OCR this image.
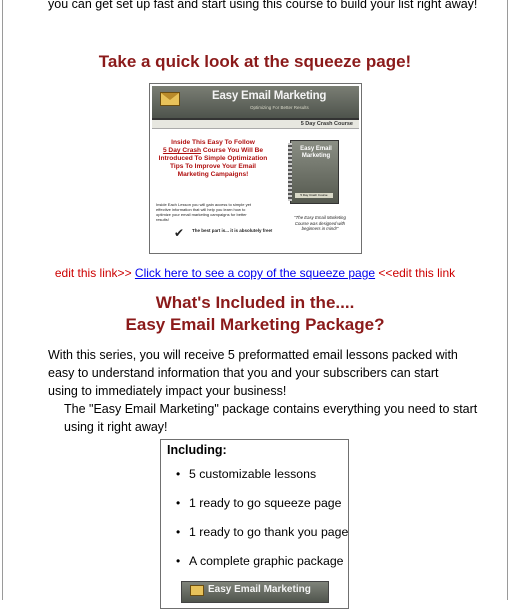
you can get set up fast and start using this course to build your list right away!

Take a quick look at the squeeze page!
Easy Email Marketing
Optimizing For Better Results
5 Day Crash Course
Inside This Easy To Follow
5 Day Crash Course You Will Be Introduced To Simple Optimization Tips To Improve Your Email Marketing Campaigns!
Inside Each Lesson you will gain access to simple yet effective information that will help you learn how to optimize your email marketing campaigns for better results!
✔ The best part is... it is absolutely free!
Easy Email Marketing
5 Day Crash Course
"The Easy Email Marketing Course was designed with beginners in mind!"
edit this link>> Click here to see a copy of the squeeze page <<edit this link
What's Included in the....
Easy Email Marketing Package?

With this series, you will receive 5 preformatted email lessons packed with easy to understand information that you and your subscribers can start using to immediately impact your business!

The "Easy Email Marketing" package contains everything you need to start using it right away!

Including:

• 5 customizable lessons
• 1 ready to go squeeze page
• 1 ready to go thank you page
• A complete graphic package
Easy Email Marketing
